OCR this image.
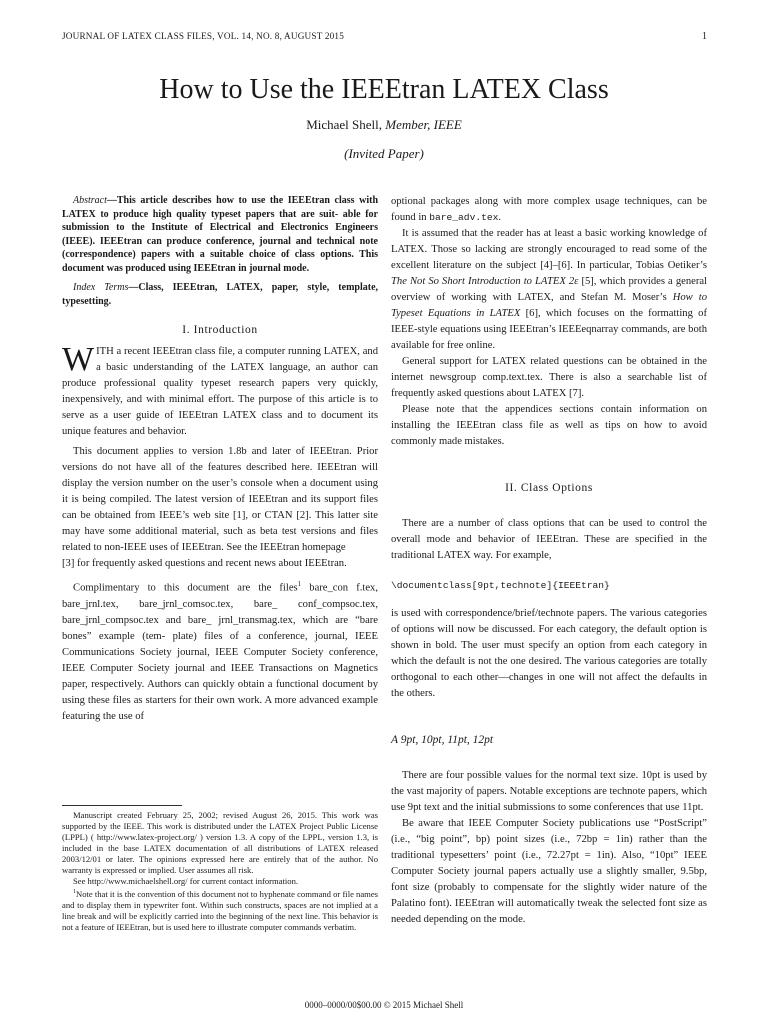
JOURNAL OF LATEX CLASS FILES, VOL. 14, NO. 8, AUGUST 2015	1
How to Use the IEEEtran LATEX Class
Michael Shell, Member, IEEE
(Invited Paper)

Abstract—This article describes how to use the IEEEtran class with LATEX to produce high quality typeset papers that are suit- able for submission to the Institute of Electrical and Electronics Engineers (IEEE). IEEEtran can produce conference, journal and technical note (correspondence) papers with a suitable choice of class options. This document was produced using IEEEtran in journal mode.

Index Terms—Class, IEEEtran, LATEX, paper, style, template, typesetting.

I. Introduction

WITH a recent IEEEtran class file, a computer running LATEX, and a basic understanding of the LATEX language, an author can produce professional quality typeset research papers very quickly, inexpensively, and with minimal effort. The purpose of this article is to serve as a user guide of IEEEtran LATEX class and to document its unique features and behavior.

This document applies to version 1.8b and later of IEEEtran. Prior versions do not have all of the features described here. IEEEtran will display the version number on the user’s console when a document using it is being compiled. The latest version of IEEEtran and its support files can be obtained from IEEE’s web site [1], or CTAN [2]. This latter site may have some additional material, such as beta test versions and files related to non-IEEE uses of IEEEtran. See the IEEEtran homepage

[3] for frequently asked questions and recent news about IEEEtran.

Complimentary to this document are the files$^1$ bare_con f.tex, bare_jrnl.tex, bare_jrnl_comsoc.tex, bare_ conf_compsoc.tex, bare_jrnl_compsoc.tex and bare_ jrnl_transmag.tex, which are “bare bones” example (tem- plate) files of a conference, journal, IEEE Communications Society journal, IEEE Computer Society conference, IEEE Computer Society journal and IEEE Transactions on Magnetics paper, respectively. Authors can quickly obtain a functional document by using these files as starters for their own work. A more advanced example featuring the use of

Manuscript created February 25, 2002; revised August 26, 2015. This work was supported by the IEEE. This work is distributed under the LATEX Project Public License (LPPL) ( http://www.latex-project.org/ ) version 1.3. A copy of the LPPL, version 1.3, is included in the base LATEX documentation of all distributions of LATEX released 2003/12/01 or later. The opinions expressed here are entirely that of the author. No warranty is expressed or implied. User assumes all risk.

See http://www.michaelshell.org/ for current contact information.

$^1$Note that it is the convention of this document not to hyphenate command or file names and to display them in typewriter font. Within such constructs, spaces are not implied at a line break and will be explicitly carried into the beginning of the next line. This behavior is not a feature of IEEEtran, but is used here to illustrate computer commands verbatim.

optional packages along with more complex usage techniques, can be found in bare_adv.tex.

It is assumed that the reader has at least a basic working knowledge of LATEX. Those so lacking are strongly encouraged to read some of the excellent literature on the subject [4]–[6]. In particular, Tobias Oetiker’s The Not So Short Introduction to LATEX 2ε [5], which provides a general overview of working with LATEX, and Stefan M. Moser’s How to Typeset Equations in LATEX [6], which focuses on the formatting of IEEE-style equations using IEEEtran’s IEEEeqnarray commands, are both available for free online.

General support for LATEX related questions can be obtained in the internet newsgroup comp.text.tex. There is also a searchable list of frequently asked questions about LATEX [7].

Please note that the appendices sections contain information on installing the IEEEtran class file as well as tips on how to avoid commonly made mistakes.

II. Class Options

There are a number of class options that can be used to control the overall mode and behavior of IEEEtran. These are specified in the traditional LATEX way. For example,

\documentclass[9pt,technote]{IEEEtran}

is used with correspondence/brief/technote papers. The various categories of options will now be discussed. For each category, the default option is shown in bold. The user must specify an option from each category in which the default is not the one desired. The various categories are totally orthogonal to each other—changes in one will not affect the defaults in the others.

A 9pt, 10pt, 11pt, 12pt

There are four possible values for the normal text size. 10pt is used by the vast majority of papers. Notable exceptions are technote papers, which use 9pt text and the initial submissions to some conferences that use 11pt.

Be aware that IEEE Computer Society publications use “PostScript” (i.e., “big point”, bp) point sizes (i.e., 72bp = 1in) rather than the traditional typesetters’ point (i.e., 72.27pt = 1in). Also, “10pt” IEEE Computer Society journal papers actually use a slightly smaller, 9.5bp, font size (probably to compensate for the slightly wider nature of the Palatino font). IEEEtran will automatically tweak the selected font size as needed depending on the mode.

0000–0000/00$00.00 © 2015 Michael Shell
